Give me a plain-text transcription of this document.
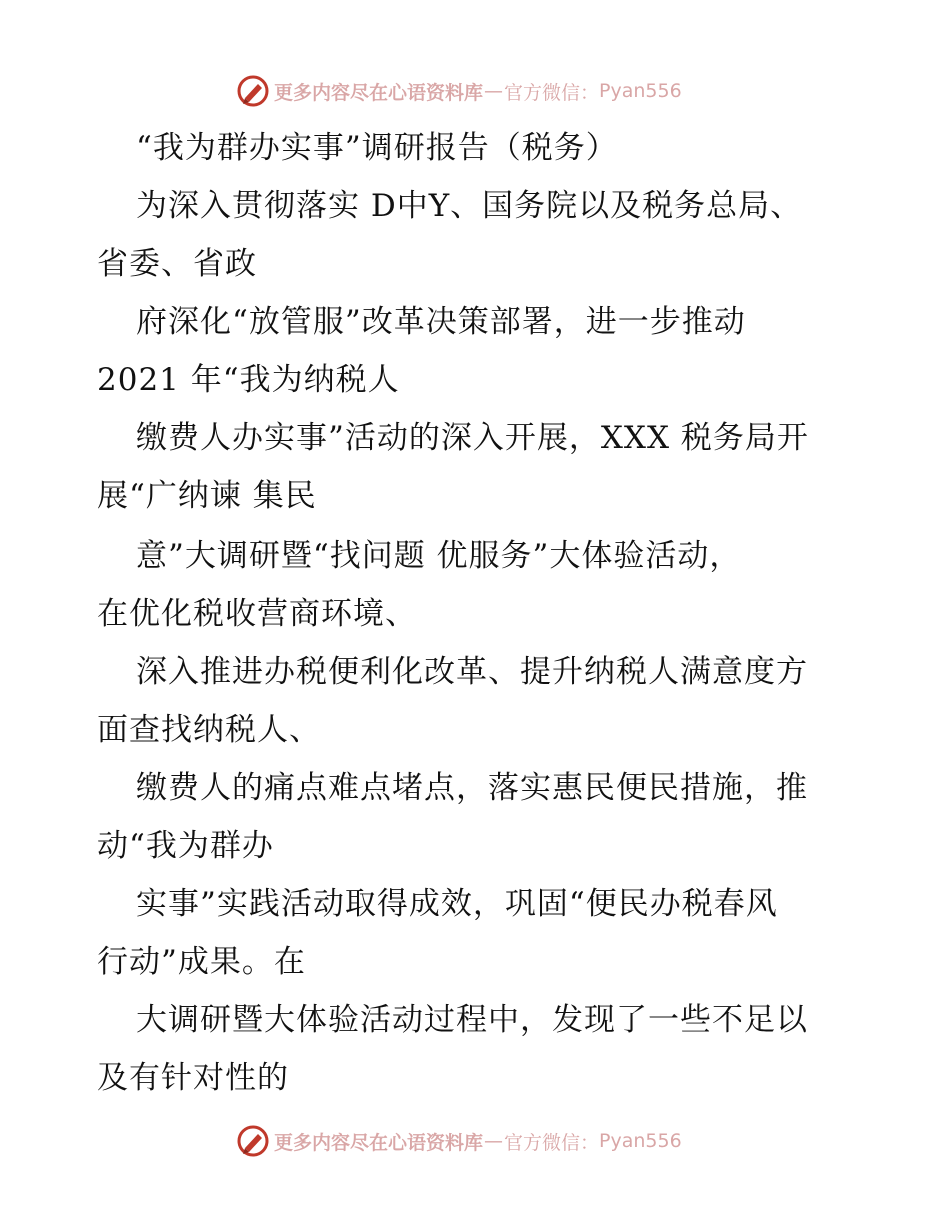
更多内容尽在心语资料库 — 官方微信： Pyan556
“我为群办实事”调研报告（税务）
为深入贯彻落实 D中Y、国务院以及税务总局、
省委、省政
府深化“放管服”改革决策部署，进一步推动
2021 年“我为纳税人
缴费人办实事”活动的深入开展，XXX 税务局开
展“广纳谏 集民
意”大调研暨“找问题 优服务”大体验活动，
在优化税收营商环境、
深入推进办税便利化改革、提升纳税人满意度方
面查找纳税人、
缴费人的痛点难点堵点，落实惠民便民措施，推
动“我为群办
实事”实践活动取得成效，巩固“便民办税春风
行动”成果。在
大调研暨大体验活动过程中，发现了一些不足以
及有针对性的
更多内容尽在心语资料库 — 官方微信： Pyan556
